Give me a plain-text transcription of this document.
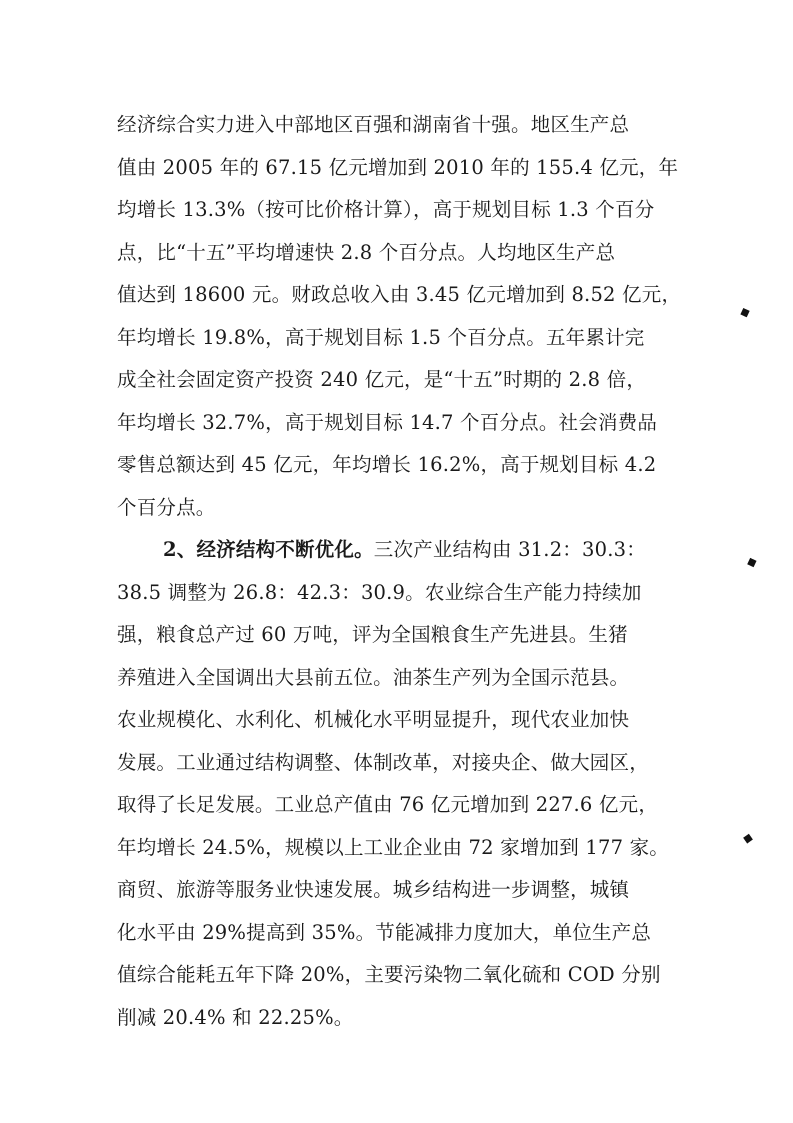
经济综合实力进入中部地区百强和湖南省十强。地区生产总
值由 2005 年的 67.15 亿元增加到 2010 年的 155.4 亿元，年
均增长 13.3%（按可比价格计算），高于规划目标 1.3 个百分
点，比“十五”平均增速快 2.8 个百分点。人均地区生产总
值达到 18600 元。财政总收入由 3.45 亿元增加到 8.52 亿元，
年均增长 19.8%，高于规划目标 1.5 个百分点。五年累计完
成全社会固定资产投资 240 亿元，是“十五”时期的 2.8 倍，
年均增长 32.7%，高于规划目标 14.7 个百分点。社会消费品
零售总额达到 45 亿元，年均增长 16.2%，高于规划目标 4.2
个百分点。
2、经济结构不断优化。三次产业结构由 31.2：30.3：
38.5 调整为 26.8：42.3：30.9。农业综合生产能力持续加
强，粮食总产过 60 万吨，评为全国粮食生产先进县。生猪
养殖进入全国调出大县前五位。油茶生产列为全国示范县。
农业规模化、水利化、机械化水平明显提升，现代农业加快
发展。工业通过结构调整、体制改革，对接央企、做大园区，
取得了长足发展。工业总产值由 76 亿元增加到 227.6 亿元，
年均增长 24.5%，规模以上工业企业由 72 家增加到 177 家。
商贸、旅游等服务业快速发展。城乡结构进一步调整，城镇
化水平由 29%提高到 35%。节能减排力度加大，单位生产总
值综合能耗五年下降 20%，主要污染物二氧化硫和 COD 分别
削减 20.4% 和 22.25%。
◆
◆
◆
